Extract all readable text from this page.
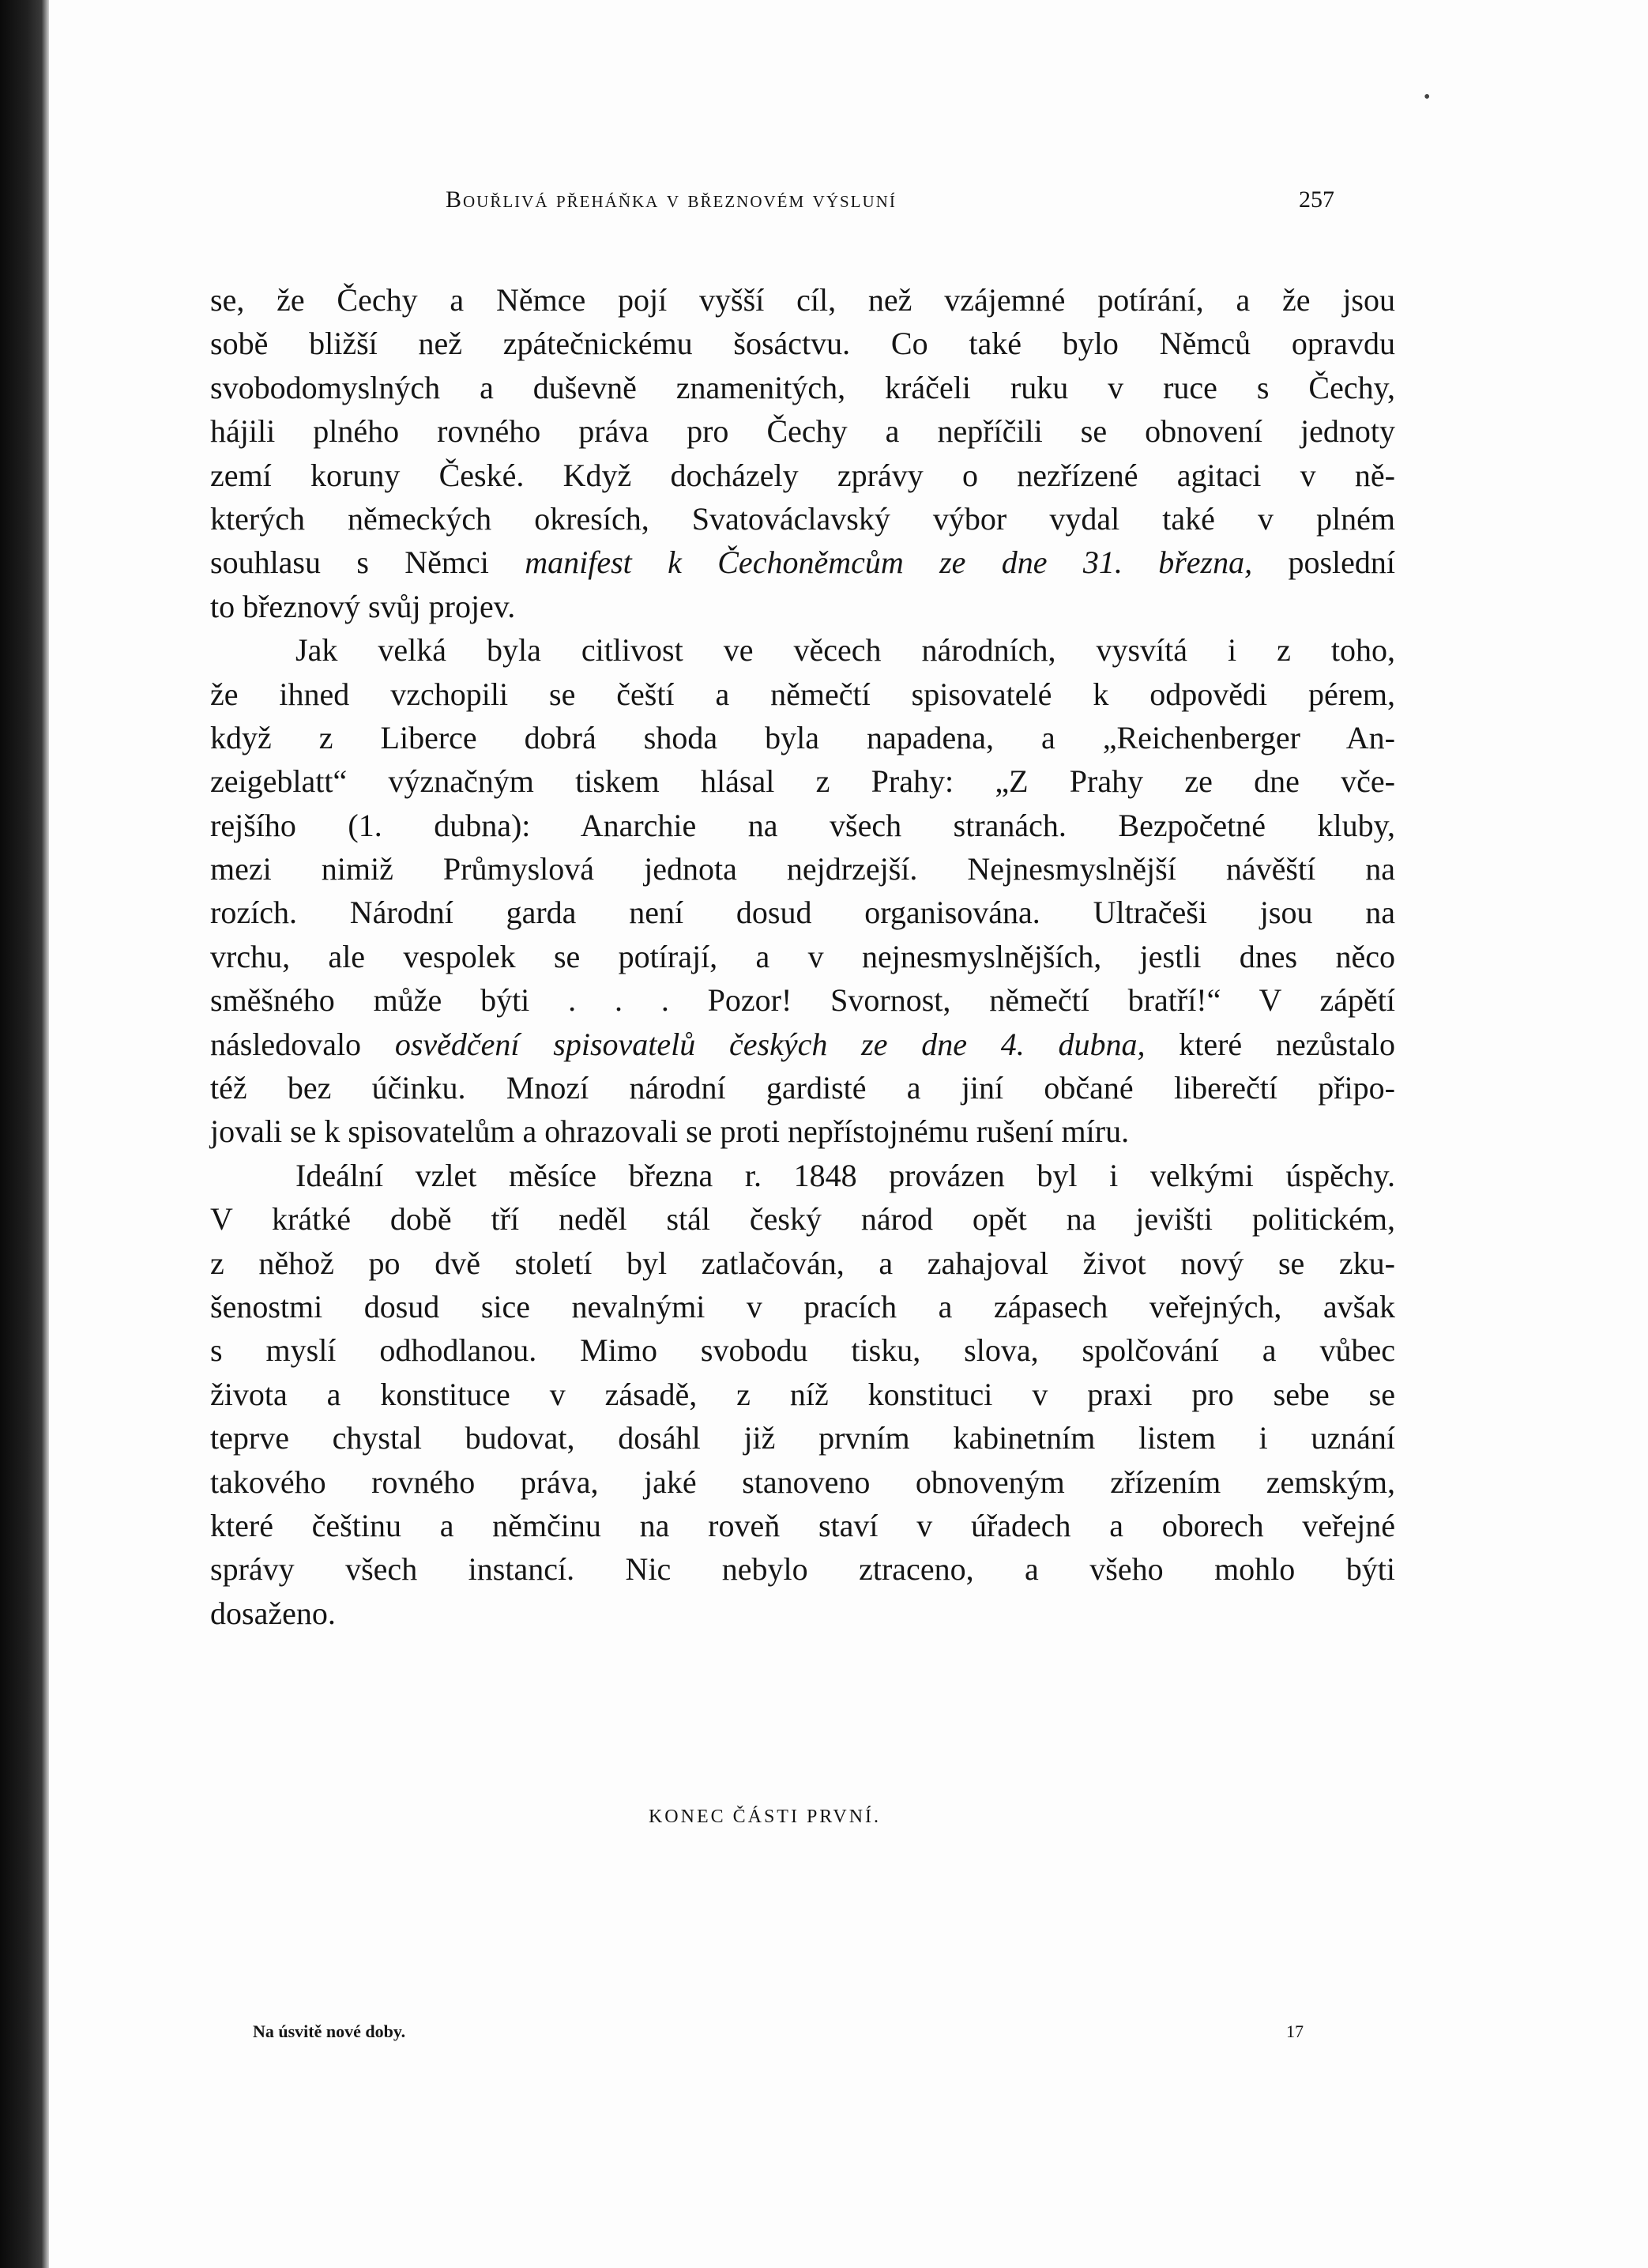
•
Bouřlivá přeháňka v březnovém výsluní	257
se, že Čechy a Němce pojí vyšší cíl, než vzájemné potírání, a že jsou
sobě bližší než zpátečnickému šosáctvu. Co také bylo Němců opravdu
svobodomyslných a duševně znamenitých, kráčeli ruku v ruce s Čechy,
hájili plného rovného práva pro Čechy a nepříčili se obnovení jednoty
zemí koruny České. Když docházely zprávy o nezřízené agitaci v ně-
kterých německých okresích, Svatováclavský výbor vydal také v plném
souhlasu s Němci manifest k Čechoněmcům ze dne 31. března, poslední
to březnový svůj projev.
Jak velká byla citlivost ve věcech národních, vysvítá i z toho,
že ihned vzchopili se čeští a němečtí spisovatelé k odpovědi pérem,
když z Liberce dobrá shoda byla napadena, a „Reichenberger An-
zeigeblatt“ význačným tiskem hlásal z Prahy: „Z Prahy ze dne vče-
rejšího (1. dubna): Anarchie na všech stranách. Bezpočetné kluby,
mezi nimiž Průmyslová jednota nejdrzejší. Nejnesmyslnější návěští na
rozích. Národní garda není dosud organisována. Ultračeši jsou na
vrchu, ale vespolek se potírají, a v nejnesmyslnějších, jestli dnes něco
směšného může býti . . . Pozor! Svornost, němečtí bratří!“ V zápětí
následovalo osvědčení spisovatelů českých ze dne 4. dubna, které nezůstalo
též bez účinku. Mnozí národní gardisté a jiní občané liberečtí připo-
jovali se k spisovatelům a ohrazovali se proti nepřístojnému rušení míru.
Ideální vzlet měsíce března r. 1848 provázen byl i velkými úspěchy.
V krátké době tří neděl stál český národ opět na jevišti politickém,
z něhož po dvě století byl zatlačován, a zahajoval život nový se zku-
šenostmi dosud sice nevalnými v pracích a zápasech veřejných, avšak
s myslí odhodlanou. Mimo svobodu tisku, slova, spolčování a vůbec
života a konstituce v zásadě, z níž konstituci v praxi pro sebe se
teprve chystal budovat, dosáhl již prvním kabinetním listem i uznání
takového rovného práva, jaké stanoveno obnoveným zřízením zemským,
které češtinu a němčinu na roveň staví v úřadech a oborech veřejné
správy všech instancí. Nic nebylo ztraceno, a všeho mohlo býti
dosaženo.
KONEC ČÁSTI PRVNÍ.
Na úsvitě nové doby.	17
